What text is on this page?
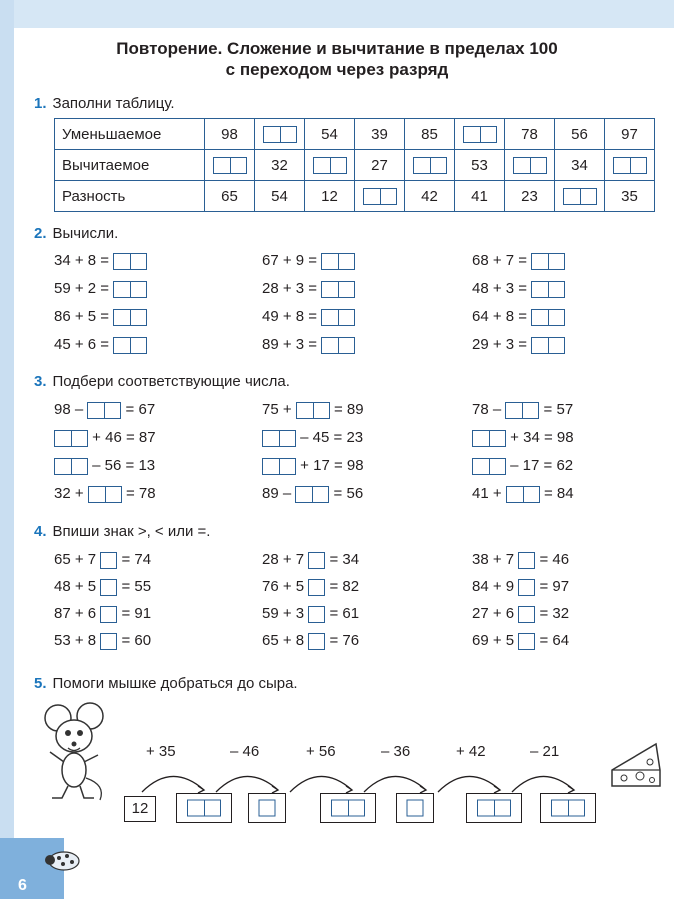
6
Повторение. Сложение и вычитание в пределах 100
с переходом через разряд
1. Заполни таблицу.
Уменьшаемое	98		54	39	85		78	56	97
Вычитаемое		32		27		53		34	
Разность	65	54	12		42	41	23		35
2. Вычисли.
34 + 8 =
59 + 2 =
86 + 5 =
45 + 6 =
67 + 9 =
28 + 3 =
49 + 8 =
89 + 3 =
68 + 7 =
48 + 3 =
64 + 8 =
29 + 3 =
3. Подбери соответствующие числа.
98 –	= 67
+ 46 = 87
– 56 = 13
32 +	= 78
75 +	= 89
– 45 = 23
+ 17 = 98
89 –	= 56
78 –	= 57
+ 34 = 98
– 17 = 62
41 +	= 84
4. Впиши знак >, < или =.
65 + 7 = 74
48 + 5 = 55
87 + 6 = 91
53 + 8 = 60
28 + 7 = 34
76 + 5 = 82
59 + 3 = 61
65 + 8 = 76
38 + 7 = 46
84 + 9 = 97
27 + 6 = 32
69 + 5 = 64
5. Помоги мышке добраться до сыра.
+ 35	– 46	+ 56	– 36	+ 42	– 21
12
